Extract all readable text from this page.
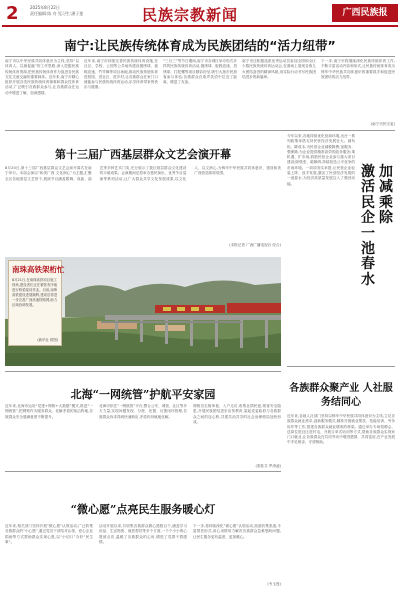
2	2025年8月22日
责任编辑:陈 舟 见习生:潘子莲	民族宗教新闻	广西民族报
南宁:让民族传统体育成为民族团结的“活力纽带”
南宁市以中华民族共同体意识为主线,坚持“以体育人、以赛促融”的工作思路,深入挖掘民族传统体育资源,把民族传统体育作为促进各民族交往交流交融的重要载体。近年来,南宁市精心组织开展各类民族传统体育赛事和群众性体育活动,广泛吸引各族群众参与,让各族群众在运动中增进了解、加深感情。
近年来,南宁市持续完善民族传统体育设施,在社区、学校、公园等公共场所建设抛绣球、板鞋竞速、竹竿舞等项目场地,推动民族传统体育进校园、进社区、进乡村,让各族群众在家门口就能参与民族传统体育运动,乐享体育带来的快乐与健康。
“三月三”等节日期间,南宁市各城区举办形式多样的民族传统体育活动,抛绣球、板鞋竞速、投绣球、打陀螺等项目精彩纷呈,吸引大批市民游客参与体验,各族群众在欢声笑语中拉近了距离、增进了友谊。
南宁市还积极选派优秀运动员参加全国和全区少数民族传统体育运动会,在赛场上展现各族儿女团结奋进的精神风貌,用实际行动书写民族团结进步的新篇章。
下一步,南宁市将继续深化民族传统体育工作,不断丰富活动内容和形式,让民族传统体育成为铸牢中华民族共同体意识的重要抓手和促进民族团结的活力纽带。
(南宁市民宗委)
第十三届广西基层群众文艺会演开幕
8月20日,第十三届广西基层群众文艺会演开幕式在南宁举行。本届会演以“和美广西 文化润心”为主题,汇聚全区各地基层文艺骨干,展演节目涵盖歌舞、戏曲、曲艺等多种艺术门类,充分展示了我区基层群众文化建设的丰硕成果。会演期间还将举办惠民演出、优秀节目巡演等系列活动,让广大群众共享文化发展成果,以文化人、以文润心,为铸牢中华民族共同体意识、建设和美广西营造浓厚氛围。
(本报记者 广西广播电视台 综合)
南珠高铁架桁忙
8月21日,在南珠高铁项目施工现场,建设者们正在紧张有序地进行桥梁架设作业。目前,南珠高铁建设进展顺利,建成后将进一步完善广西高速铁路网,助力区域协调发展。
(新华社 供图)
加减乘除
激活民企一池春水
今年以来,各地持续优化营商环境,出台一系列政策举措支持民营经济发展壮大。减负担、降成本,为民营企业减税降费;加服务、强保障,为企业提供精准高效的政务服务;乘机遇、扩市场,鼓励民营企业参与重大项目建设;除壁垒、破障碍,持续营造公平竞争的市场环境。一项项务实举措,让民营企业轻装上阵、放手发展,激活了民营经济发展的一池春水,为经济高质量发展注入了强劲动能。
各族群众聚产业 人社服务结同心
近年来,各地人社部门坚持以铸牢中华民族共同体意识为主线,立足各族群众就业需求,创新服务模式,精准开展就业帮扶、技能培训、劳务协作等工作,搭建各族群众就业增收的桥梁。通过举办专场招聘会、送岗位进社区进村屯、开展订单式培训等方式,帮助各族群众实现家门口就业,让各族群众在共同劳动中增进感情、共同富裕,在产业发展中手足相亲、守望相助。
北海“一网统管”护航平安家园
近年来,北海市运用“党建+网格+大数据”模式,推进“一网统管”,把网格作为服务群众、化解矛盾的前沿阵地,各族群众安全感满意度不断提升。
北海市依托“一网统管”平台,整合公安、城管、社区等多方力量,实现问题发现、分拨、处置、反馈闭环管理,各族群众诉求得到快速响应,矛盾纠纷就地化解。
网格员走街串巷、入户走访,收集社情民意,排查安全隐患,开展民族团结进步宣传教育,架起党委政府与各族群众之间的连心桥,共建共治共享的社会治理格局加快形成。
(梁桂芬 罗涛凌)
“微心愿”点亮民生服务暖心灯
近年来,相关部门坚持开展“微心愿”认领活动,广泛收集各族群众的“小心愿”,通过党员干部结对认领、爱心企业捐助等方式帮助群众实现心愿,以“小切口”办好“民生事”。
活动开展以来,共收集各族群众微心愿数百个,涵盖学习用品、生活物资、就医帮扶等多个方面,一个个小小的心愿被点亮,温暖了各族群众的心房,增进了党群干群感情。
下一步,将持续深化“微心愿”认领活动,拓宽收集渠道,丰富帮扶形式,用心用情用力解决各族群众急难愁盼问题,让民生服务更有温度、更加暖心。
(韦玉莲)
